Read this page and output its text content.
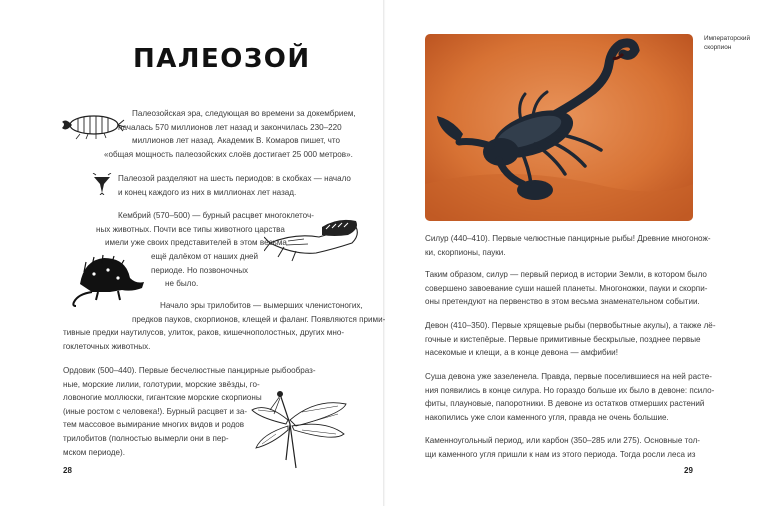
ПАЛЕОЗОЙ

Палеозойская эра, следующая во времени за докембрием,
началась 570 миллионов лет назад и закончилась 230–220
миллионов лет назад. Академик В. Комаров пишет, что
«общая мощность палеозойских слоёв достигает 25 000 метров».

Палеозой разделяют на шесть периодов: в скобках — начало
и конец каждого из них в миллионах лет назад.

Кембрий (570–500) — бурный расцвет многоклеточ-
ных животных. Почти все типы животного царства
имели уже своих представителей в этом весьма

ещё далёком от наших дней
периоде. Но позвоночных
не было.

Начало эры трилобитов — вымерших членистоногих,
предков пауков, скорпионов, клещей и фаланг. Появляются прими-
тивные предки наутилусов, улиток, раков, кишечнополостных, других мно-
гоклеточных животных.

Ордовик (500–440). Первые бесчелюстные панцирные рыбообраз-
ные, морские лилии, голотурии, морские звёзды, го-
ловоногие моллюски, гигантские морские скорпионы
(иные ростом с человека!). Бурный расцвет и за-
тем массовое вымирание многих видов и родов
трилобитов (полностью вымерли они в пер-
мском периоде).

28

Императорский скорпион

Силур (440–410). Первые челюстные панцирные рыбы! Древние многонож-
ки, скорпионы, пауки.

Таким образом, силур — первый период в истории Земли, в котором было
совершено завоевание суши нашей планеты. Многоножки, пауки и скорпи-
оны претендуют на первенство в этом весьма знаменательном событии.

Девон (410–350). Первые хрящевые рыбы (первобытные акулы), а также лё-
гочные и кистепёрые. Первые примитивные бескрылые, позднее первые
насекомые и клещи, а в конце девона — амфибии!

Суша девона уже зазеленела. Правда, первые поселившиеся на ней расте-
ния появились в конце силура. Но гораздо больше их было в девоне: псило-
фиты, плауновые, папоротники. В девоне из остатков отмерших растений
накопились уже слои каменного угля, правда не очень большие.

Каменноугольный период, или карбон (350–285 или 275). Основные тол-
щи каменного угля пришли к нам из этого периода. Тогда росли леса из

29
